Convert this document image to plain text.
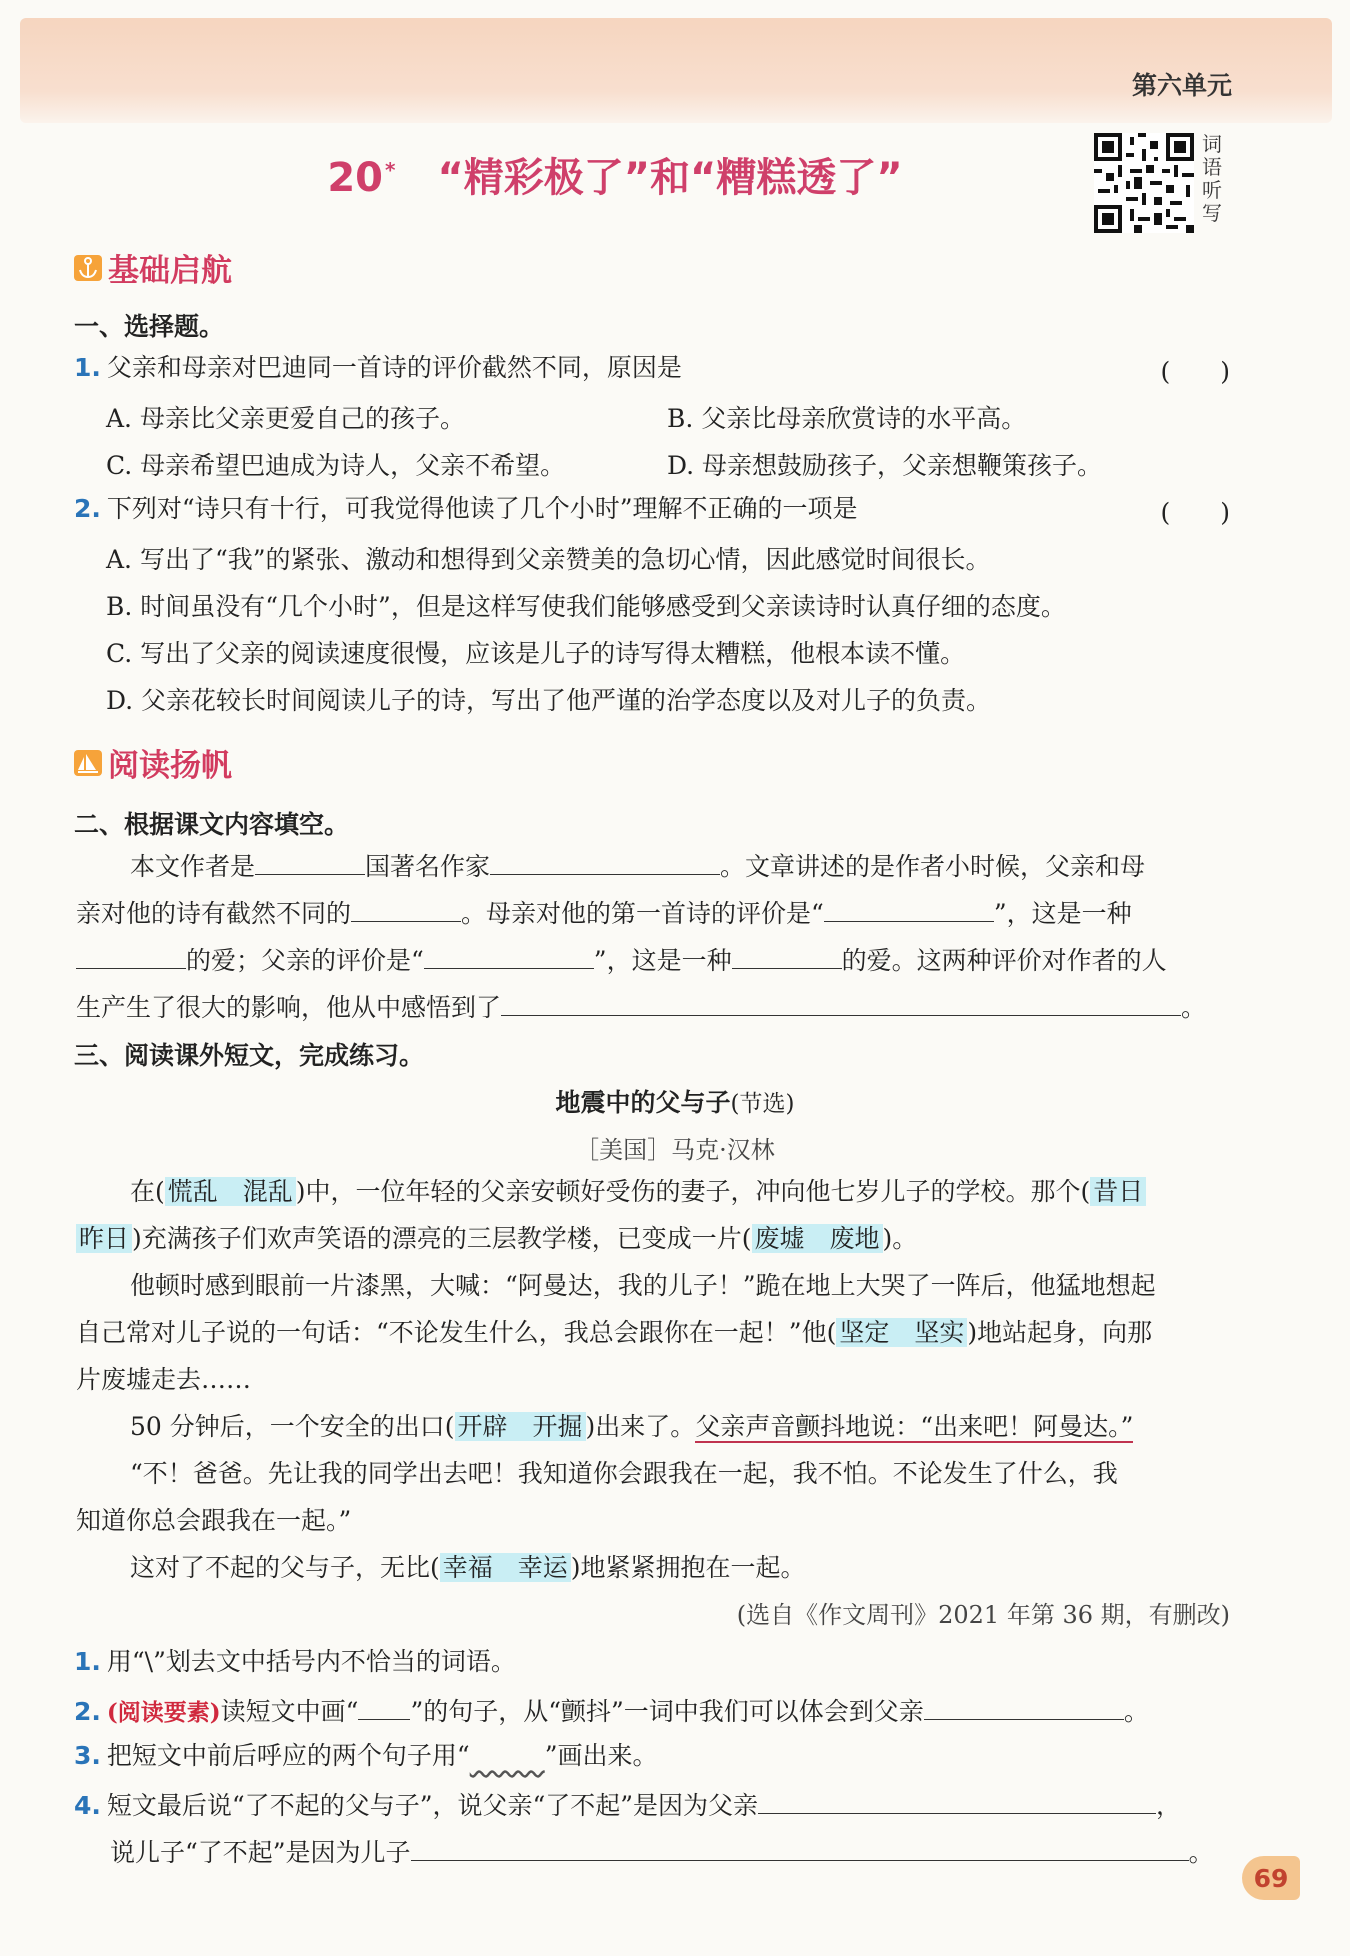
第六单元
20 * “精彩极了”和“糟糕透了”
词
语
听
写
基础启航
一、选择题。
1. 父亲和母亲对巴迪同一首诗的评价截然不同，原因是	(　　)
A. 母亲比父亲更爱自己的孩子。	B. 父亲比母亲欣赏诗的水平高。
C. 母亲希望巴迪成为诗人，父亲不希望。	D. 母亲想鼓励孩子，父亲想鞭策孩子。
2. 下列对“诗只有十行，可我觉得他读了几个小时”理解不正确的一项是	(　　)
A. 写出了“我”的紧张、激动和想得到父亲赞美的急切心情，因此感觉时间很长。
B. 时间虽没有“几个小时”，但是这样写使我们能够感受到父亲读诗时认真仔细的态度。
C. 写出了父亲的阅读速度很慢，应该是儿子的诗写得太糟糕，他根本读不懂。
D. 父亲花较长时间阅读儿子的诗，写出了他严谨的治学态度以及对儿子的负责。
阅读扬帆
二、根据课文内容填空。
本文作者是	国著名作家	。文章讲述的是作者小时候，父亲和母
亲对他的诗有截然不同的	。母亲对他的第一首诗的评价是“	”，这是一种
的爱；父亲的评价是“	”，这是一种	的爱。这两种评价对作者的人
生产生了很大的影响，他从中感悟到了	。
三、阅读课外短文，完成练习。
地震中的父与子(节选)
［美国］马克·汉林
在( 慌乱　混乱 )中，一位年轻的父亲安顿好受伤的妻子，冲向他七岁儿子的学校。那个( 昔日
昨日 )充满孩子们欢声笑语的漂亮的三层教学楼，已变成一片( 废墟　废地 )。
他顿时感到眼前一片漆黑，大喊：“阿曼达，我的儿子！”跪在地上大哭了一阵后，他猛地想起
自己常对儿子说的一句话：“不论发生什么，我总会跟你在一起！”他( 坚定　坚实 )地站起身，向那
片废墟走去……
50 分钟后，一个安全的出口( 开辟　开掘 )出来了。父亲声音颤抖地说：“出来吧！阿曼达。”
“不！爸爸。先让我的同学出去吧！我知道你会跟我在一起，我不怕。不论发生了什么，我
知道你总会跟我在一起。”
这对了不起的父与子，无比( 幸福　幸运 )地紧紧拥抱在一起。
(选自《作文周刊》2021 年第 36 期，有删改)
1. 用“\”划去文中括号内不恰当的词语。
2. (阅读要素)读短文中画“ ”的句子，从“颤抖”一词中我们可以体会到父亲	。
3. 把短文中前后呼应的两个句子用“　　　	”画出来。
4. 短文最后说“了不起的父与子”，说父亲“了不起”是因为父亲	，
说儿子“了不起”是因为儿子	。
69
